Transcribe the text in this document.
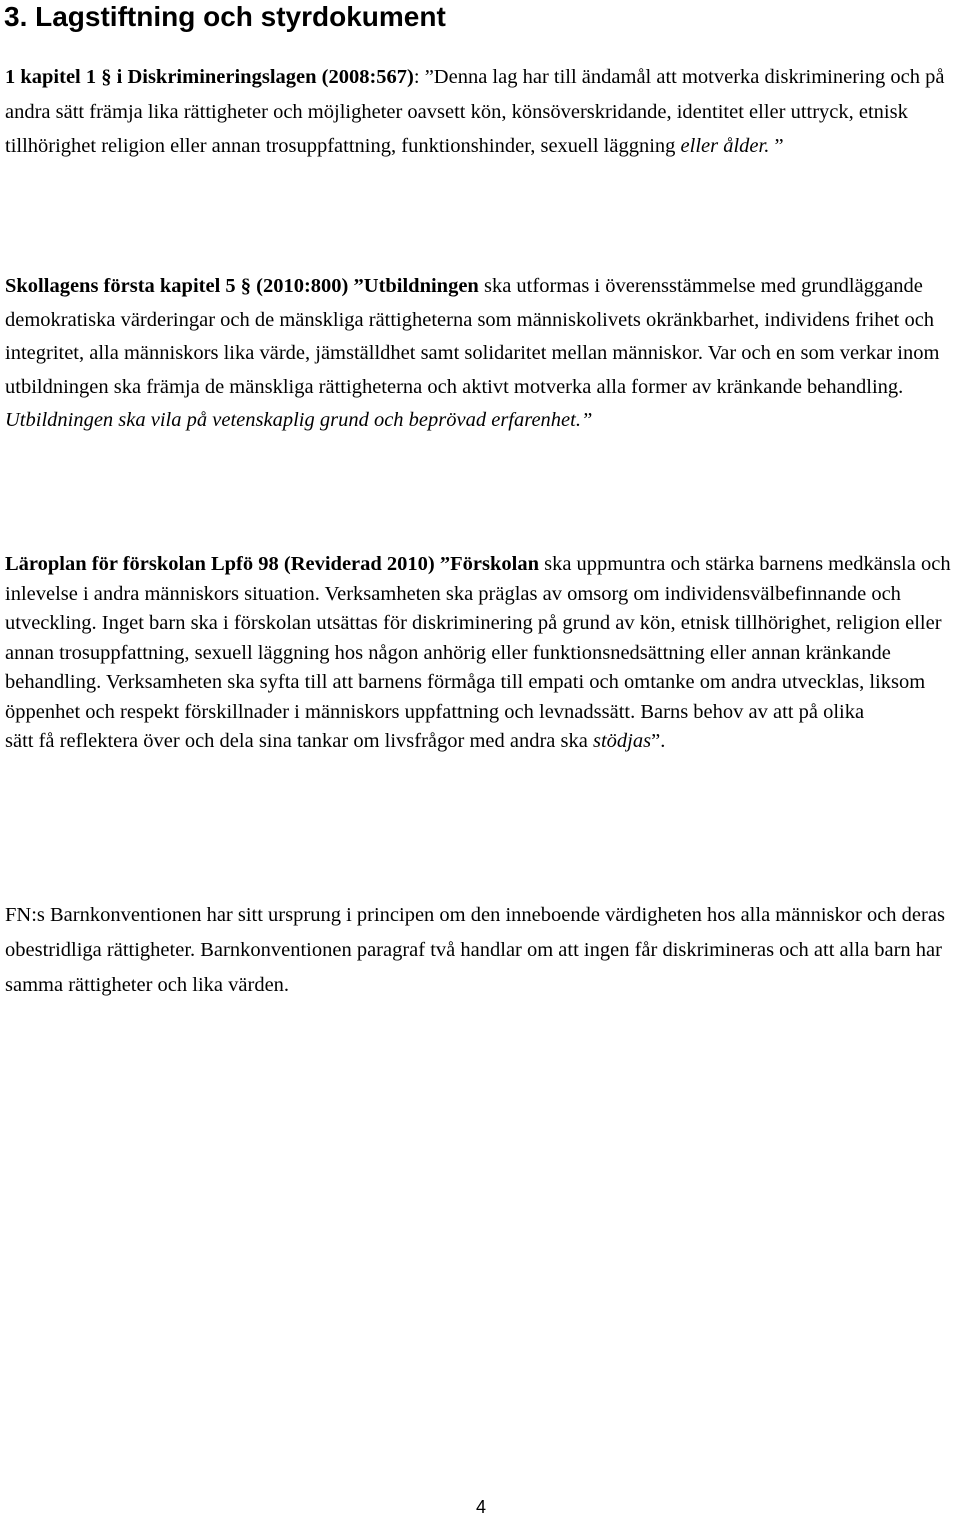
3. Lagstiftning och styrdokument

1 kapitel 1 § i Diskrimineringslagen (2008:567): ”Denna lag har till ändamål att motverka diskriminering och på andra sätt främja lika rättigheter och möjligheter oavsett kön, könsöverskridande, identitet eller uttryck, etnisk tillhörighet religion eller annan trosuppfattning, funktionshinder, sexuell läggning eller ålder. ”

Skollagens första kapitel 5 § (2010:800) ”Utbildningen ska utformas i överensstämmelse med grundläggande demokratiska värderingar och de mänskliga rättigheterna som människolivets okränkbarhet, individens frihet och integritet, alla människors lika värde, jämställdhet samt solidaritet mellan människor. Var och en som verkar inom utbildningen ska främja de mänskliga rättigheterna och aktivt motverka alla former av kränkande behandling. Utbildningen ska vila på vetenskaplig grund och beprövad erfarenhet.”

Läroplan för förskolan Lpfö 98 (Reviderad 2010) ”Förskolan ska uppmuntra och stärka barnens medkänsla och inlevelse i andra människors situation. Verksamheten ska präglas av omsorg om individensvälbefinnande och utveckling. Inget barn ska i förskolan utsättas för diskriminering på grund av kön, etnisk tillhörighet, religion eller annan trosuppfattning, sexuell läggning hos någon anhörig eller funktionsnedsättning eller annan kränkande behandling. Verksamheten ska syfta till att barnens förmåga till empati och omtanke om andra utvecklas, liksom öppenhet och respekt förskillnader i människors uppfattning och levnadssätt. Barns behov av att på olika
sätt få reflektera över och dela sina tankar om livsfrågor med andra ska stödjas”.

FN:s Barnkonventionen har sitt ursprung i principen om den inneboende värdigheten hos alla människor och deras obestridliga rättigheter. Barnkonventionen paragraf två handlar om att ingen får diskrimineras och att alla barn har samma rättigheter och lika värden.

4
